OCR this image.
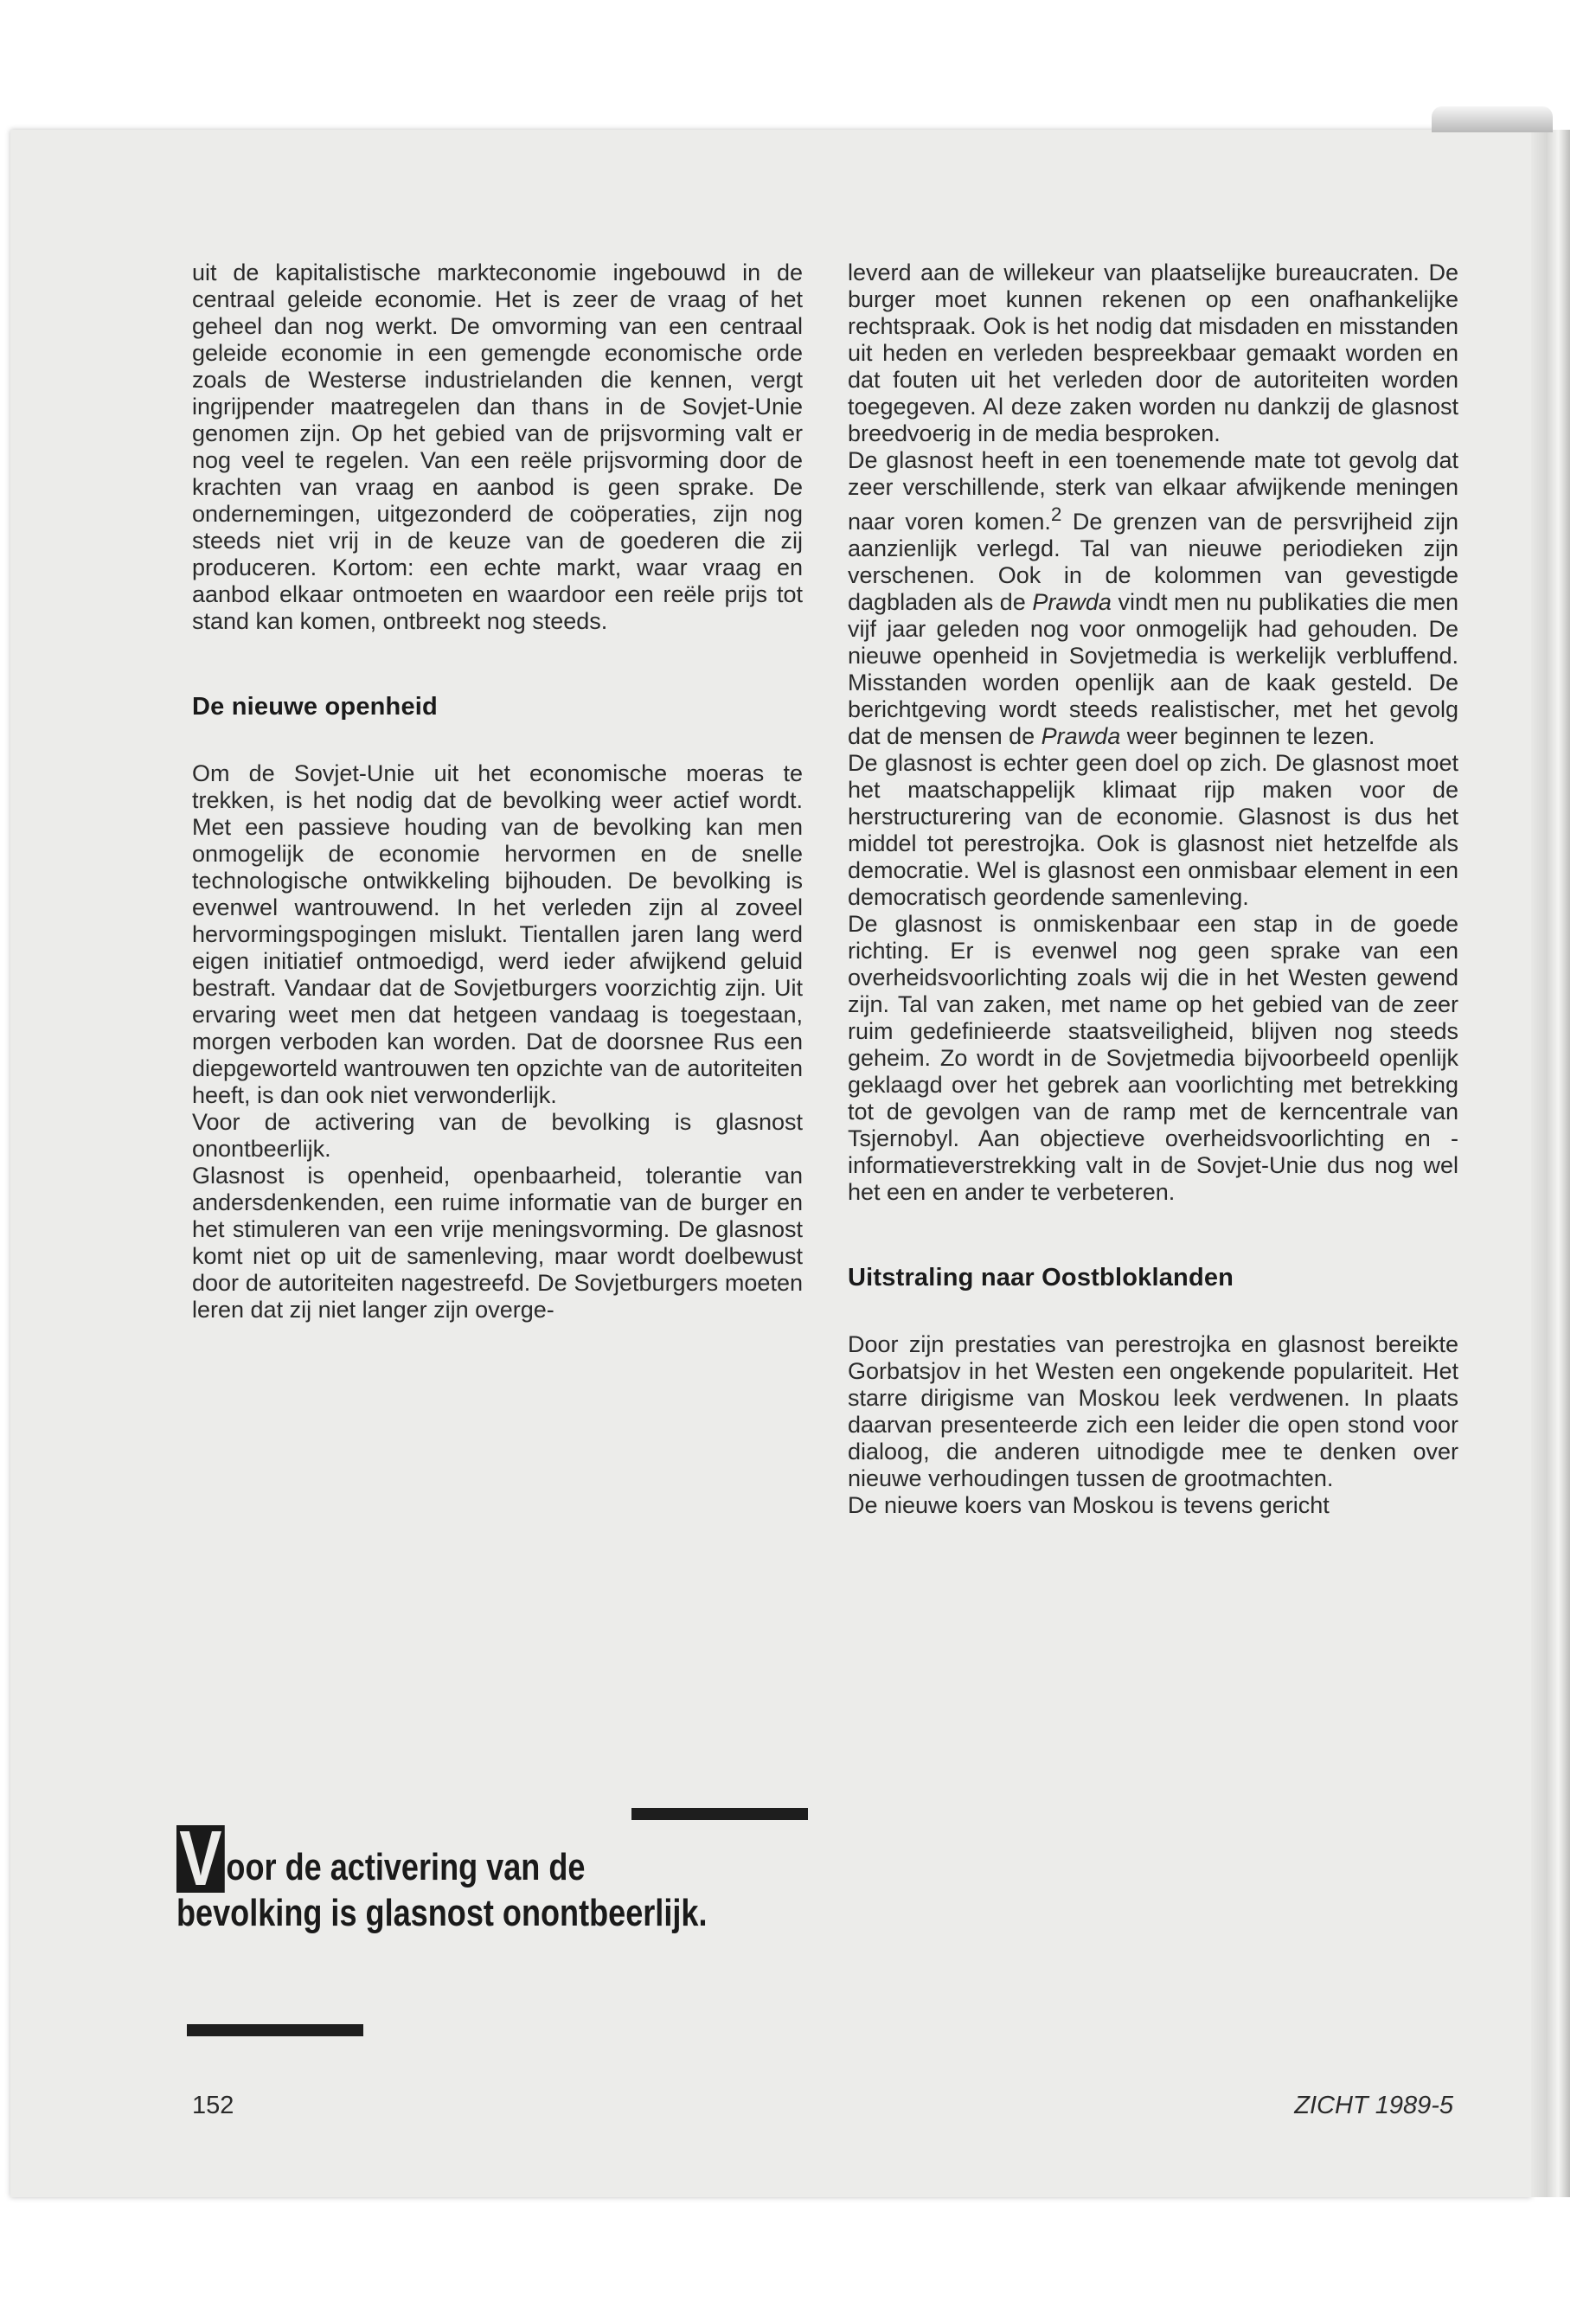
uit de kapitalistische markteconomie ingebouwd in de centraal geleide economie. Het is zeer de vraag of het geheel dan nog werkt. De omvorming van een centraal geleide economie in een gemengde economische orde zoals de Westerse industrielanden die kennen, vergt ingrijpender maatregelen dan thans in de Sovjet-Unie genomen zijn. Op het gebied van de prijsvorming valt er nog veel te regelen. Van een reële prijsvorming door de krachten van vraag en aanbod is geen sprake. De ondernemingen, uitgezonderd de coöperaties, zijn nog steeds niet vrij in de keuze van de goederen die zij produceren. Kortom: een echte markt, waar vraag en aanbod elkaar ontmoeten en waardoor een reële prijs tot stand kan komen, ontbreekt nog steeds.

De nieuwe openheid

Om de Sovjet-Unie uit het economische moeras te trekken, is het nodig dat de bevolking weer actief wordt. Met een passieve houding van de bevolking kan men onmogelijk de economie hervormen en de snelle technologische ontwikkeling bijhouden. De bevolking is evenwel wantrouwend. In het verleden zijn al zoveel hervormingspogingen mislukt. Tientallen jaren lang werd eigen initiatief ontmoedigd, werd ieder afwijkend geluid bestraft. Vandaar dat de Sovjetburgers voorzichtig zijn. Uit ervaring weet men dat hetgeen vandaag is toegestaan, morgen verboden kan worden. Dat de doorsnee Rus een diepgeworteld wantrouwen ten opzichte van de autoriteiten heeft, is dan ook niet verwonderlijk.

Voor de activering van de bevolking is glasnost onontbeerlijk.

Glasnost is openheid, openbaarheid, tolerantie van andersdenkenden, een ruime informatie van de burger en het stimuleren van een vrije meningsvorming. De glasnost komt niet op uit de samenleving, maar wordt doelbewust door de autoriteiten nagestreefd. De Sovjetburgers moeten leren dat zij niet langer zijn overge-

V oor de activering van de bevolking is glasnost onontbeerlijk.

leverd aan de willekeur van plaatselijke bureaucraten. De burger moet kunnen rekenen op een onafhankelijke rechtspraak. Ook is het nodig dat misdaden en misstanden uit heden en verleden bespreekbaar gemaakt worden en dat fouten uit het verleden door de autoriteiten worden toegegeven. Al deze zaken worden nu dankzij de glasnost breedvoerig in de media besproken.

De glasnost heeft in een toenemende mate tot gevolg dat zeer verschillende, sterk van elkaar afwijkende meningen naar voren komen.$^2$ De grenzen van de persvrijheid zijn aanzienlijk verlegd. Tal van nieuwe periodieken zijn verschenen. Ook in de kolommen van gevestigde dagbladen als de Prawda vindt men nu publikaties die men vijf jaar geleden nog voor onmogelijk had gehouden. De nieuwe openheid in Sovjetmedia is werkelijk verbluffend. Misstanden worden openlijk aan de kaak gesteld. De berichtgeving wordt steeds realistischer, met het gevolg dat de mensen de Prawda weer beginnen te lezen.

De glasnost is echter geen doel op zich. De glasnost moet het maatschappelijk klimaat rijp maken voor de herstructurering van de economie. Glasnost is dus het middel tot perestrojka. Ook is glasnost niet hetzelfde als democratie. Wel is glasnost een onmisbaar element in een democratisch geordende samenleving.

De glasnost is onmiskenbaar een stap in de goede richting. Er is evenwel nog geen sprake van een overheidsvoorlichting zoals wij die in het Westen gewend zijn. Tal van zaken, met name op het gebied van de zeer ruim gedefinieerde staatsveiligheid, blijven nog steeds geheim. Zo wordt in de Sovjetmedia bijvoorbeeld openlijk geklaagd over het gebrek aan voorlichting met betrekking tot de gevolgen van de ramp met de kerncentrale van Tsjernobyl. Aan objectieve overheidsvoorlichting en -informatieverstrekking valt in de Sovjet-Unie dus nog wel het een en ander te verbeteren.

Uitstraling naar Oostbloklanden

Door zijn prestaties van perestrojka en glasnost bereikte Gorbatsjov in het Westen een ongekende populariteit. Het starre dirigisme van Moskou leek verdwenen. In plaats daarvan presenteerde zich een leider die open stond voor dialoog, die anderen uitnodigde mee te denken over nieuwe verhoudingen tussen de grootmachten.

De nieuwe koers van Moskou is tevens gericht

152	ZICHT 1989-5
